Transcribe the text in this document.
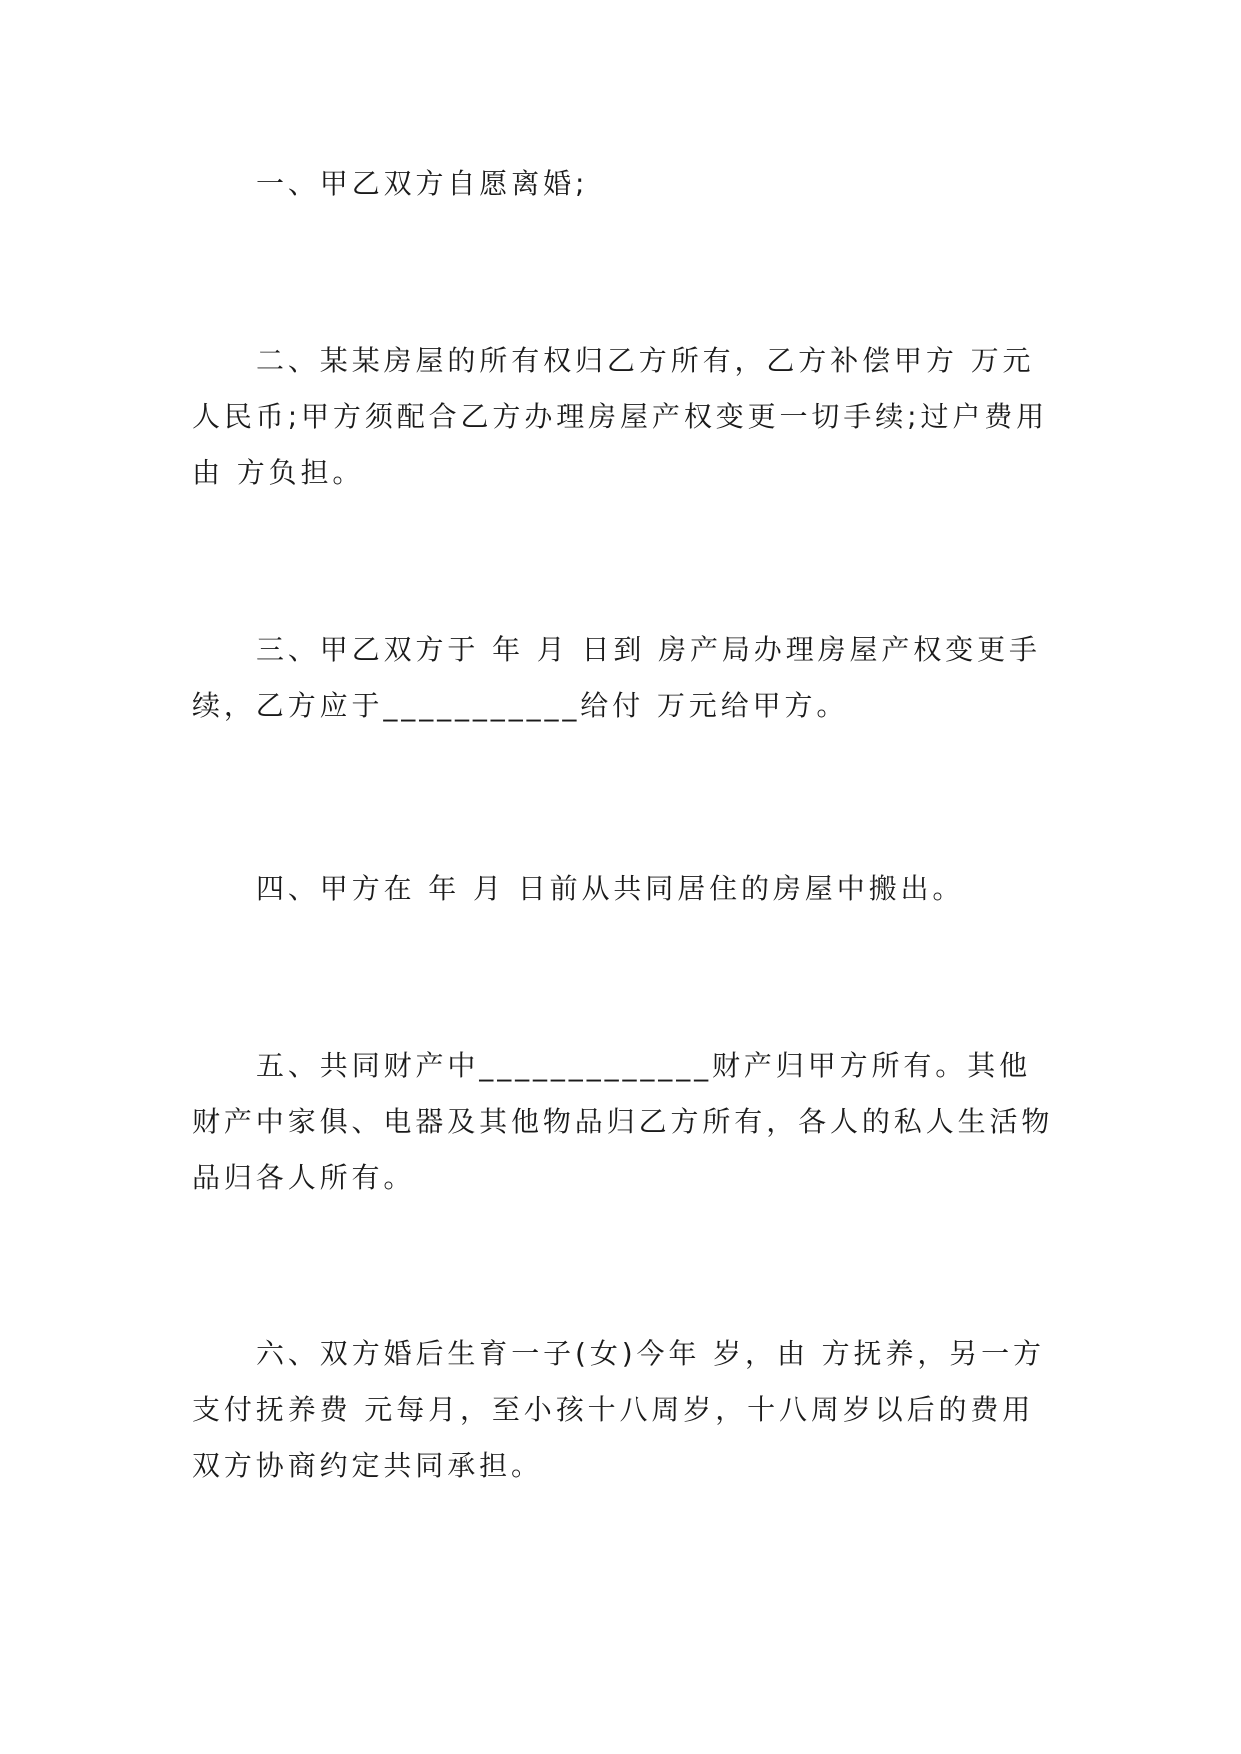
一、甲乙双方自愿离婚;

二、某某房屋的所有权归乙方所有，乙方补偿甲方 万元人民币;甲方须配合乙方办理房屋产权变更一切手续;过户费用由 方负担。

三、甲乙双方于 年 月 日到 房产局办理房屋产权变更手续，乙方应于___________给付 万元给甲方。

四、甲方在 年 月 日前从共同居住的房屋中搬出。

五、共同财产中_____________财产归甲方所有。其他财产中家俱、电器及其他物品归乙方所有，各人的私人生活物品归各人所有。

六、双方婚后生育一子(女)今年 岁，由 方抚养，另一方支付抚养费 元每月，至小孩十八周岁，十八周岁以后的费用双方协商约定共同承担。
